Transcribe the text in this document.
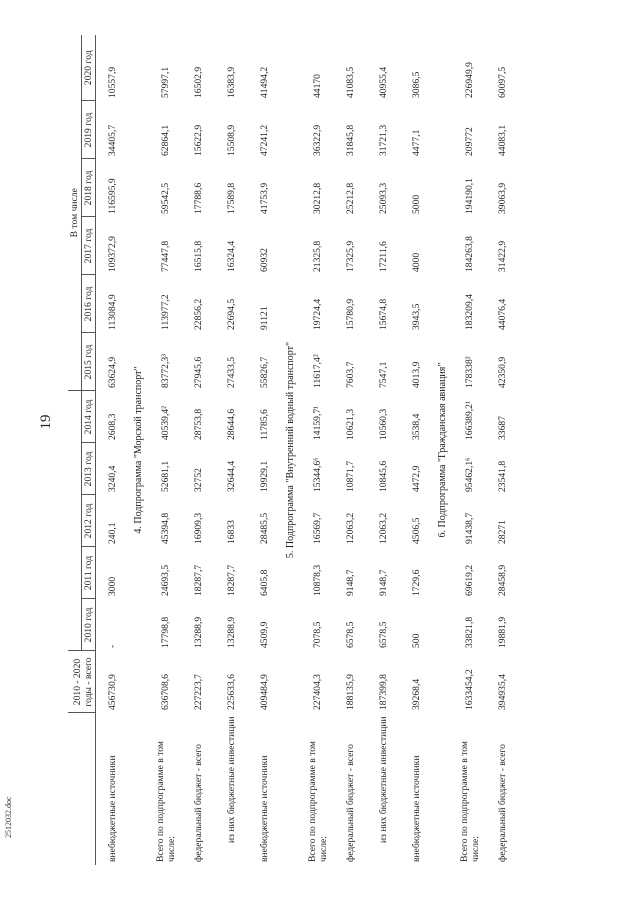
19
2512032.doc
	2010 - 2020 годы - всего						В том числе					
		2010 год	2011 год	2012 год	2013 год	2014 год	2015 год	2016 год	2017 год	2018 год	2019 год	2020 год
внебюджетные источники	456730,9	-	3000	240,1	3240,4	2608,3	63624,9	113084,9	109372,9	116595,9	34405,7	10557,9
4. Подпрограмма "Морской транспорт"												
Всего по подпрограмме в том числе:	636708,6	17798,8	24693,5	45394,8	52681,1	40539,4²	83772,3³	113977,2	77447,8	59542,5	62864,1	57997,1
федеральный бюджет - всего	227223,7	13288,9	18287,7	16909,3	32752	28753,8	27945,6	22856,2	16515,8	17788,6	15622,9	16502,9
из них бюджетные инвестиции	225633,6	13288,9	18287,7	16833	32644,4	28644,6	27433,5	22694,5	16324,4	17589,8	15508,9	16383,9
внебюджетные источники	409484,9	4509,9	6405,8	28485,5	19929,1	11785,6	55826,7	91121	60932	41753,9	47241,2	41494,2
5. Подпрограмма "Внутренний водный транспорт"												
Всего по подпрограмме в том числе:	227404,3	7078,5	10878,3	16569,7	15344,6⁶	14159,7¹	11617,4²	19724,4	21325,8	30212,8	36322,9	44170
федеральный бюджет - всего	188135,9	6578,5	9148,7	12063,2	10871,7	10621,3	7603,7	15780,9	17325,9	25212,8	31845,8	41083,5
из них бюджетные инвестиции	187399,8	6578,5	9148,7	12063,2	10845,6	10560,3	7547,1	15674,8	17211,6	25093,3	31721,3	40955,4
внебюджетные источники	39268,4	500	1729,6	4506,5	4472,9	3538,4	4013,9	3943,5	4000	5000	4477,1	3086,5
6. Подпрограмма "Гражданская авиация"												
Всего по подпрограмме в том числе:	1633454,2	33821,8	69619,2	91438,7	95462,1⁶	166389,2¹	178338²	183209,4	184263,8	194190,1	209772	226949,9
федеральный бюджет - всего	394935,4	19881,9	28458,9	28271	23541,8	33687	42350,9	44076,4	31422,9	39063,9	44083,1	60097,5
